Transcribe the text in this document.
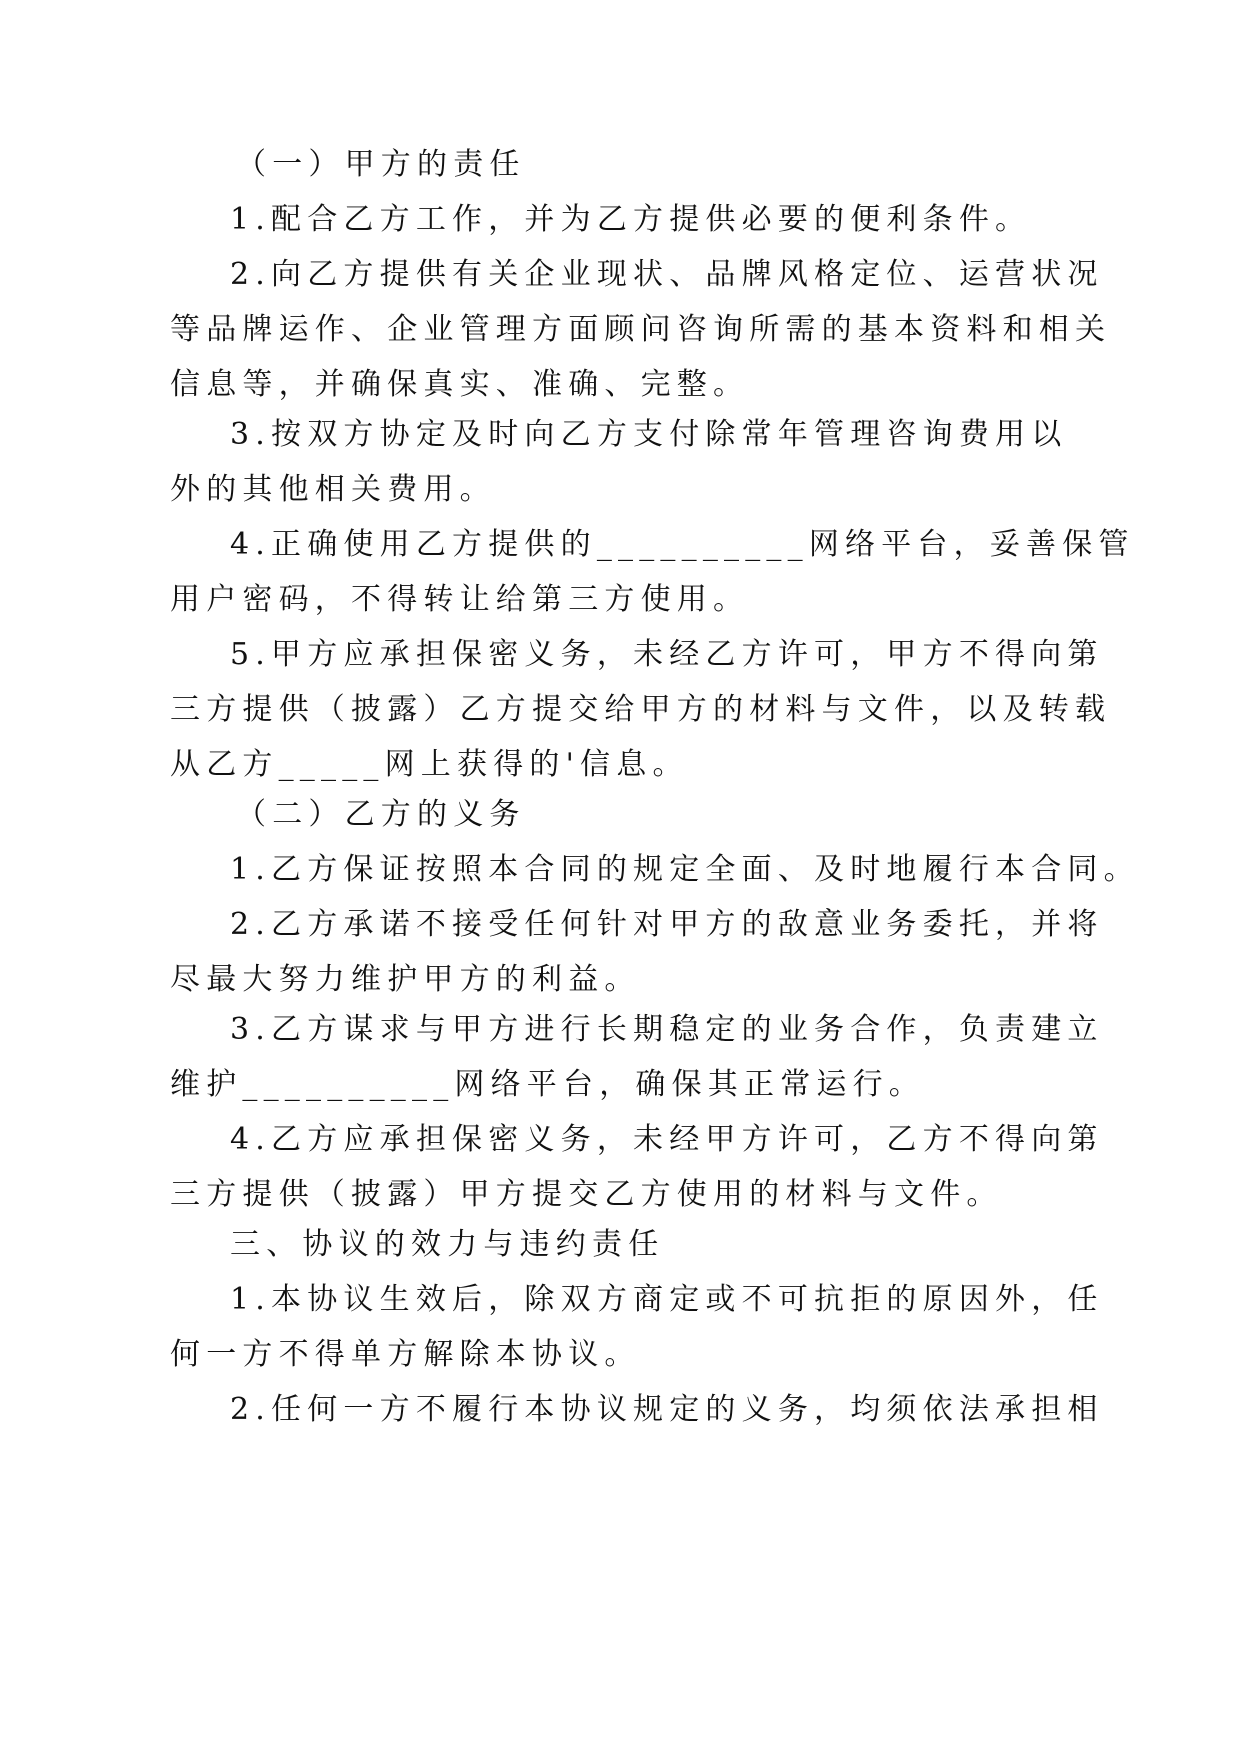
（一）甲方的责任
1.配合乙方工作，并为乙方提供必要的便利条件。
2.向乙方提供有关企业现状、品牌风格定位、运营状况
等品牌运作、企业管理方面顾问咨询所需的基本资料和相关
信息等，并确保真实、准确、完整。
3.按双方协定及时向乙方支付除常年管理咨询费用以
外的其他相关费用。
4.正确使用乙方提供的__________网络平台，妥善保管
用户密码，不得转让给第三方使用。
5.甲方应承担保密义务，未经乙方许可，甲方不得向第
三方提供（披露）乙方提交给甲方的材料与文件，以及转载
从乙方_____网上获得的'信息。
（二）乙方的义务
1.乙方保证按照本合同的规定全面、及时地履行本合同。
2.乙方承诺不接受任何针对甲方的敌意业务委托，并将
尽最大努力维护甲方的利益。
3.乙方谋求与甲方进行长期稳定的业务合作，负责建立
维护__________网络平台，确保其正常运行。
4.乙方应承担保密义务，未经甲方许可，乙方不得向第
三方提供（披露）甲方提交乙方使用的材料与文件。
三、协议的效力与违约责任
1.本协议生效后，除双方商定或不可抗拒的原因外，任
何一方不得单方解除本协议。
2.任何一方不履行本协议规定的义务，均须依法承担相
